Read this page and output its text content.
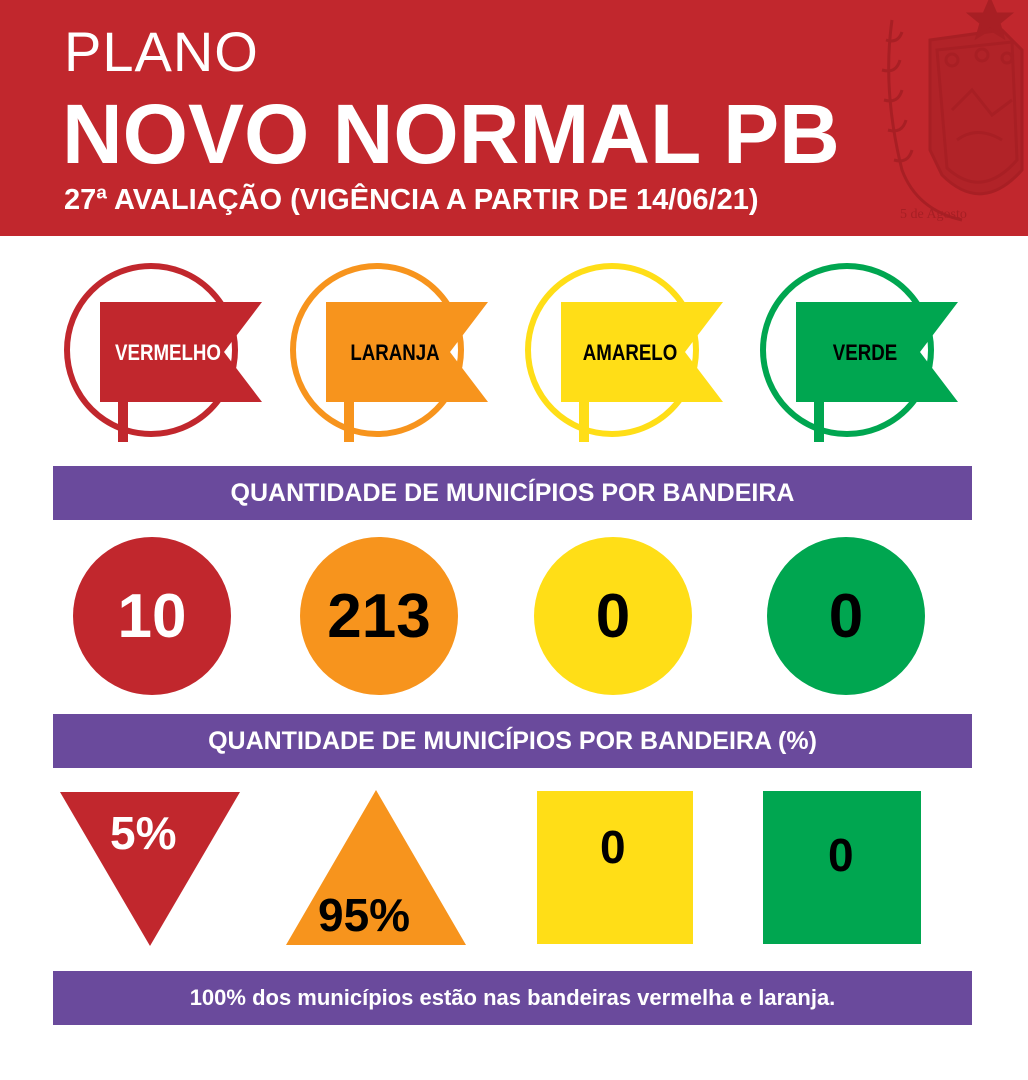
PLANO
NOVO NORMAL PB
27ª AVALIAÇÃO (VIGÊNCIA A PARTIR DE 14/06/21)	5 de Agosto
VERMELHO	LARANJA	AMARELO	VERDE
QUANTIDADE DE MUNICÍPIOS POR BANDEIRA
10	213	0	0
QUANTIDADE DE MUNICÍPIOS POR BANDEIRA (%)
5%
95%
0	0
100% dos municípios estão nas bandeiras vermelha e laranja.
